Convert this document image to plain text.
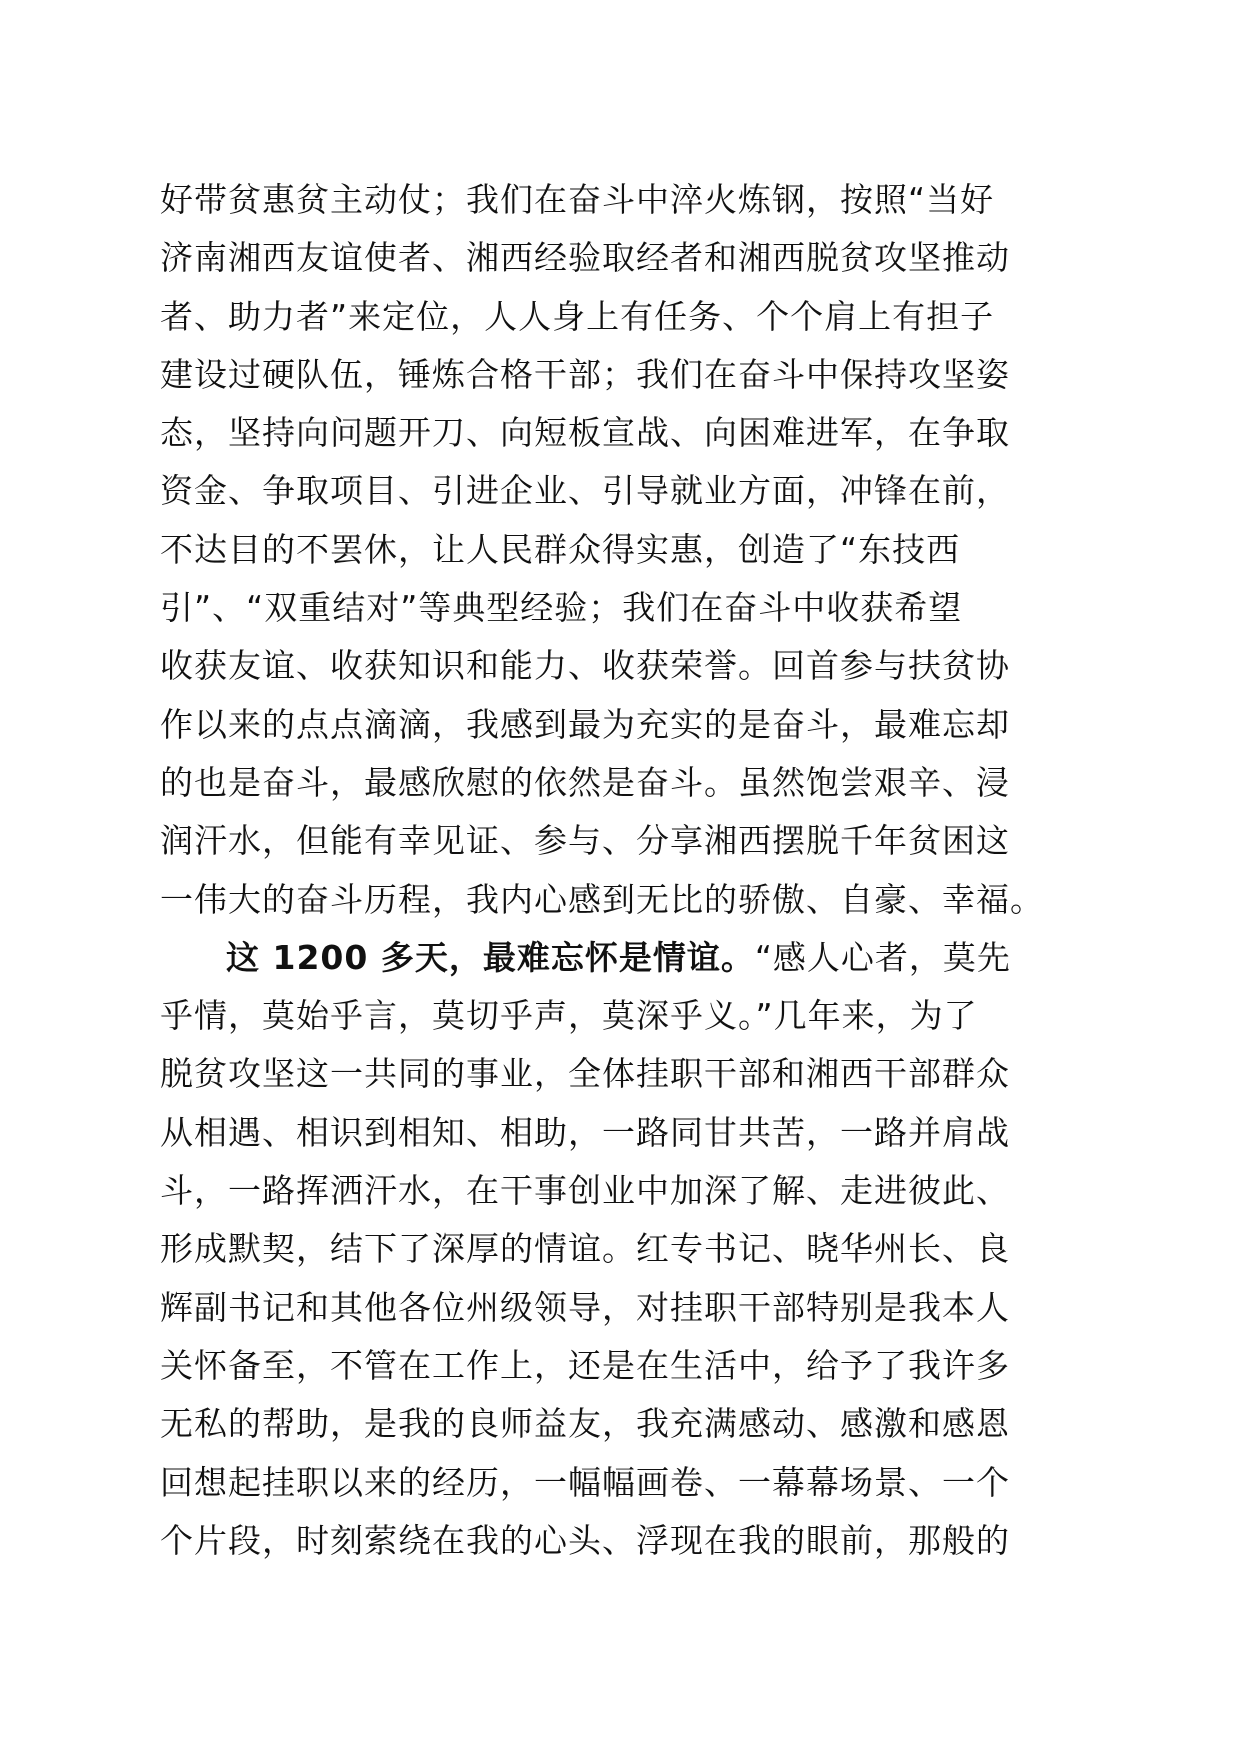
好带贫惠贫主动仗；我们在奋斗中淬火炼钢，按照“当好
济南湘西友谊使者、湘西经验取经者和湘西脱贫攻坚推动
者、助力者”来定位，人人身上有任务、个个肩上有担子
建设过硬队伍，锤炼合格干部；我们在奋斗中保持攻坚姿
态，坚持向问题开刀、向短板宣战、向困难进军，在争取
资金、争取项目、引进企业、引导就业方面，冲锋在前，
不达目的不罢休，让人民群众得实惠，创造了“东技西
引”、“双重结对”等典型经验；我们在奋斗中收获希望
收获友谊、收获知识和能力、收获荣誉。回首参与扶贫协
作以来的点点滴滴，我感到最为充实的是奋斗，最难忘却
的也是奋斗，最感欣慰的依然是奋斗。虽然饱尝艰辛、浸
润汗水，但能有幸见证、参与、分享湘西摆脱千年贫困这
一伟大的奋斗历程，我内心感到无比的骄傲、自豪、幸福。
这 1200 多天，最难忘怀是情谊。“感人心者，莫先
乎情，莫始乎言，莫切乎声，莫深乎义。”几年来，为了
脱贫攻坚这一共同的事业，全体挂职干部和湘西干部群众
从相遇、相识到相知、相助，一路同甘共苦，一路并肩战
斗，一路挥洒汗水，在干事创业中加深了解、走进彼此、
形成默契，结下了深厚的情谊。红专书记、晓华州长、良
辉副书记和其他各位州级领导，对挂职干部特别是我本人
关怀备至，不管在工作上，还是在生活中，给予了我许多
无私的帮助，是我的良师益友，我充满感动、感激和感恩
回想起挂职以来的经历，一幅幅画卷、一幕幕场景、一个
个片段，时刻萦绕在我的心头、浮现在我的眼前，那般的
